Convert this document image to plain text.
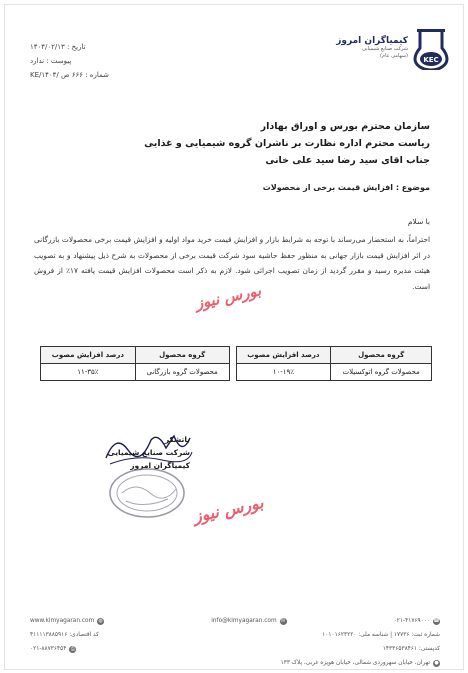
تاریخ : ۱۴۰۴/۰۲/۱۳
پیوست : ندارد
شماره : ۶۶۶ ص /KE/۱۴۰۴
KEC
کیمیاگران امروز
شرکت صنایع شیمیایی
(سهامی عام)
سازمان محترم بورس و اوراق بهادار
ریاست محترم اداره نظارت بر ناشران گروه شیمیایی و غذایی
جناب اقای سید رضا سید علی خانی
موضوع : افزایش قیمت برخی از محصولات
با سلام
احتراماً، به استحضار می‌رساند با توجه به شرایط بازار و افزایش قیمت خرید مواد اولیه و افزایش قیمت برخی محصولات بازرگانی در اثر افزایش قیمت بازار جهانی به منظور حفظ حاشیه سود شرکت قیمت برخی از محصولات به شرح ذیل پیشنهاد و به تصویب هیئت مدیره رسید و مقرر گردید از زمان تصویب اجرائی شود. لازم به ذکر است محصولات افزایش قیمت یافته ۱۷٪ از فروش است.
بورس نیوز
بورس نیوز
گروه محصول	درصد افزایش مصوب		گروه محصول	درصد افزایش مصوب
محصولات گروه اتوکسیلات	۱۰-۱۹٪		محصولات گروه بازرگانی	۱۱-۳۵٪
باتشکر
شرکت صنایع شیمیایی
کیمیاگران امروز
☎
۰۲۱-۴۱۷۶۹۰۰۰
✉
info@kimyagaran.com
◍
www.kimyagaran.com
شماره ثبت: ۱۷۷۳۶ | شناسه ملی: ۱۰۱۰۱۶۲۳۲۲۰
کد اقتصادی: ۴۱۱۱۱۳۸۸۵۹۱۶
کدپستی: ۱۴۳۳۶۵۳۸۴۶۱
⎙
۰۲۱-۸۸۷۳۶۴۵۴
●
تهران، خیابان سهروردی شمالی، خیابان هویزه غربی، پلاک ۱۳۳
